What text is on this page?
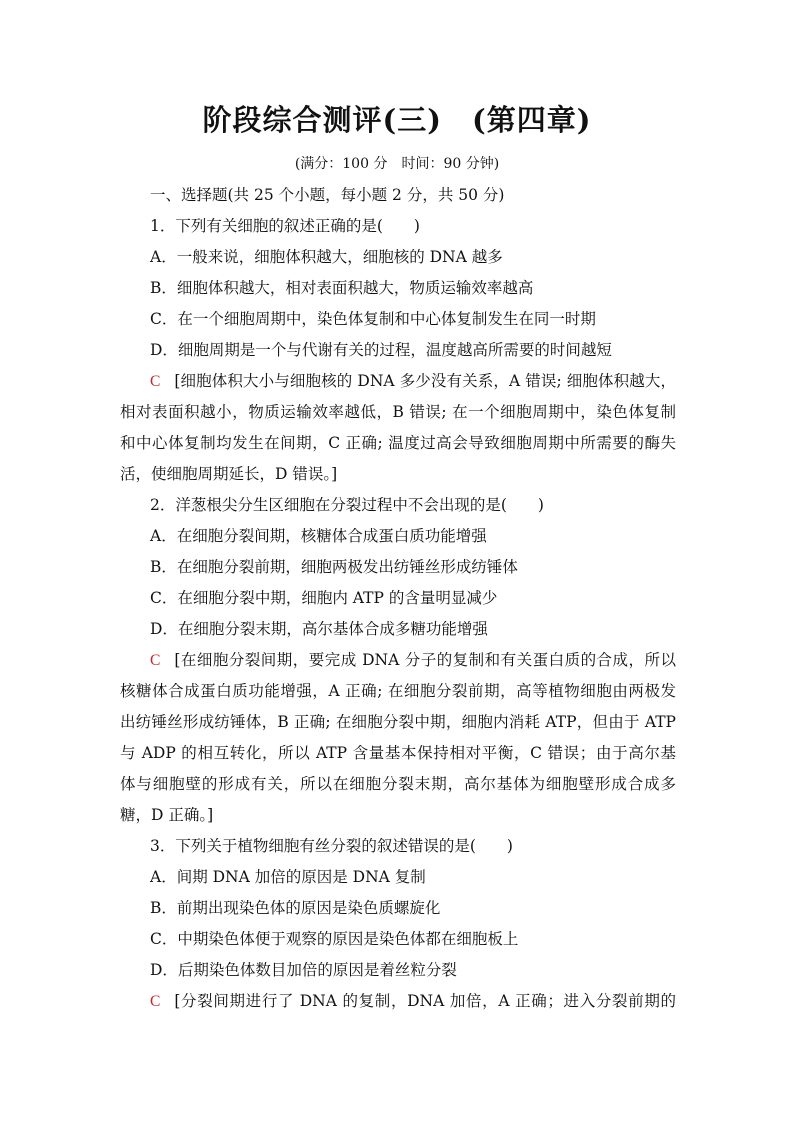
阶段综合测评(三)　(第四章)
(满分：100 分　时间：90 分钟)
一、选择题(共 25 个小题，每小题 2 分，共 50 分)
1．下列有关细胞的叙述正确的是(　　)
A．一般来说，细胞体积越大，细胞核的 DNA 越多
B．细胞体积越大，相对表面积越大，物质运输效率越高
C．在一个细胞周期中，染色体复制和中心体复制发生在同一时期
D．细胞周期是一个与代谢有关的过程，温度越高所需要的时间越短
C [细胞体积大小与细胞核的 DNA 多少没有关系，A 错误; 细胞体积越大，
相对表面积越小，物质运输效率越低，B 错误; 在一个细胞周期中，染色体复制
和中心体复制均发生在间期，C 正确; 温度过高会导致细胞周期中所需要的酶失
活，使细胞周期延长，D 错误。]
2．洋葱根尖分生区细胞在分裂过程中不会出现的是(　　)
A．在细胞分裂间期，核糖体合成蛋白质功能增强
B．在细胞分裂前期，细胞两极发出纺锤丝形成纺锤体
C．在细胞分裂中期，细胞内 ATP 的含量明显减少
D．在细胞分裂末期，高尔基体合成多糖功能增强
C [在细胞分裂间期，要完成 DNA 分子的复制和有关蛋白质的合成，所以
核糖体合成蛋白质功能增强，A 正确; 在细胞分裂前期，高等植物细胞由两极发
出纺锤丝形成纺锤体，B 正确; 在细胞分裂中期，细胞内消耗 ATP，但由于 ATP
与 ADP 的相互转化，所以 ATP 含量基本保持相对平衡，C 错误；由于高尔基
体与细胞壁的形成有关，所以在细胞分裂末期，高尔基体为细胞壁形成合成多
糖，D 正确。]
3．下列关于植物细胞有丝分裂的叙述错误的是(　　)
A．间期 DNA 加倍的原因是 DNA 复制
B．前期出现染色体的原因是染色质螺旋化
C．中期染色体便于观察的原因是染色体都在细胞板上
D．后期染色体数目加倍的原因是着丝粒分裂
C [分裂间期进行了 DNA 的复制，DNA 加倍，A 正确；进入分裂前期的
